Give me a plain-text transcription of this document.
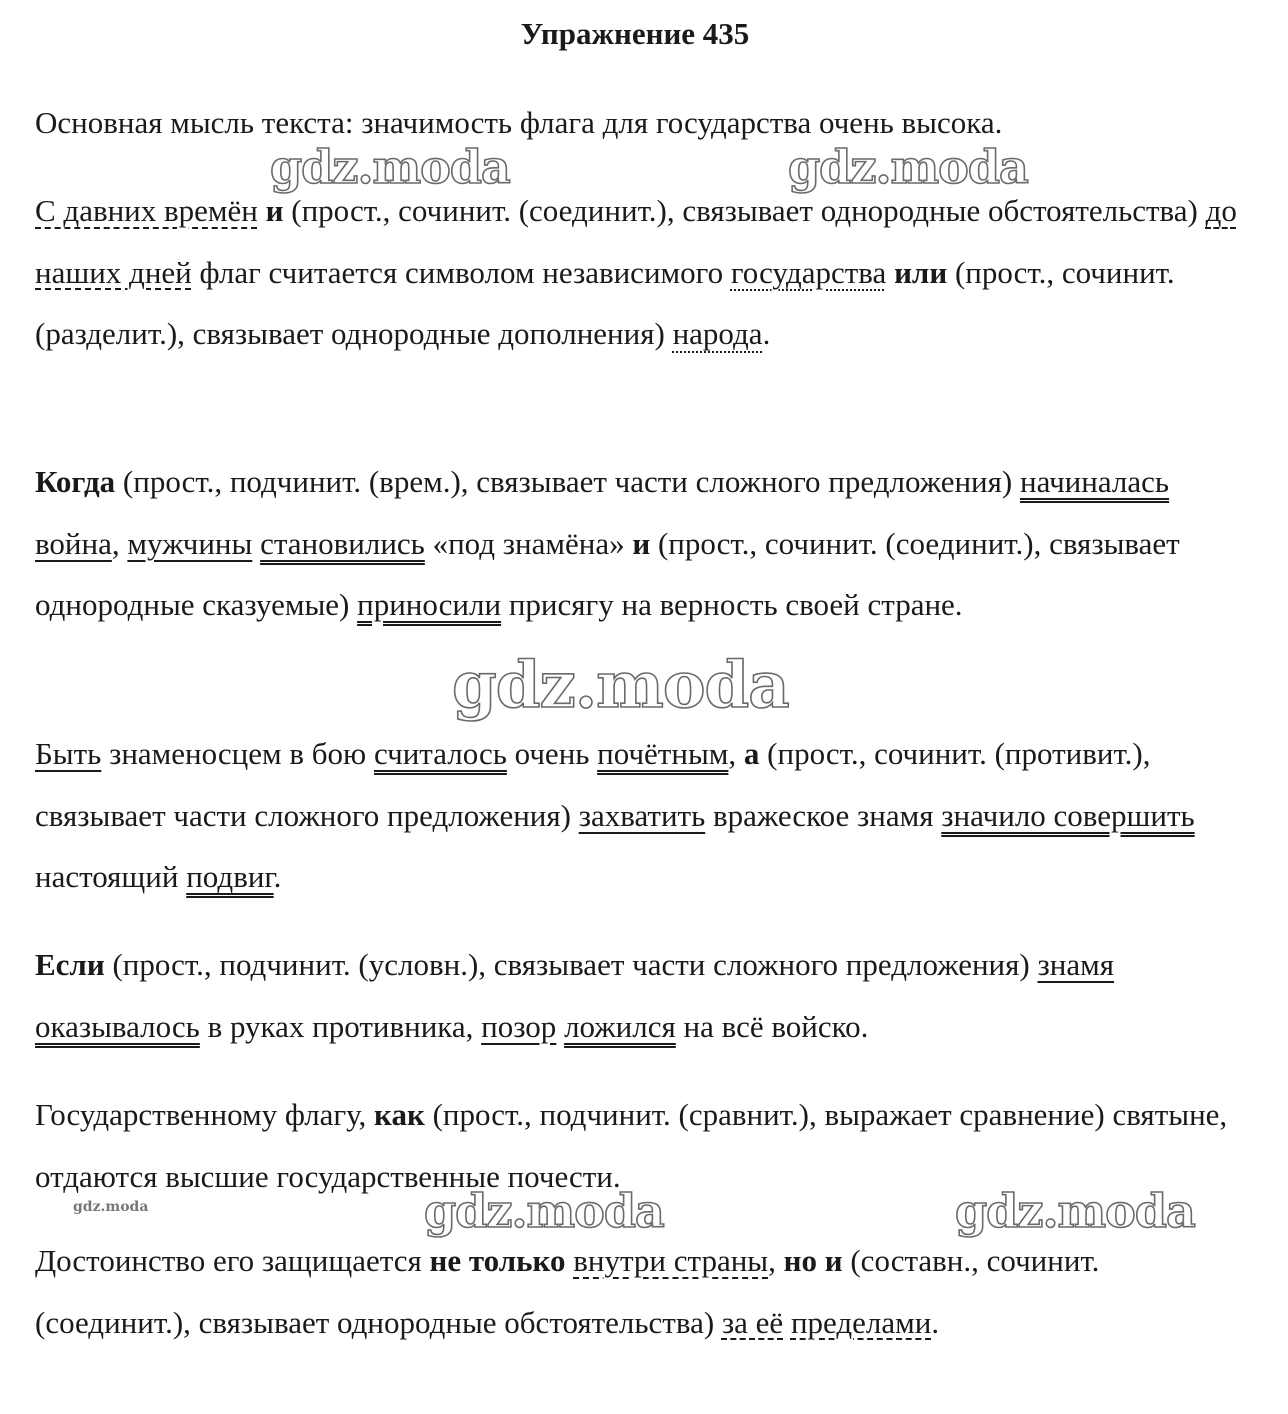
Упражнение 435
Основная мысль текста: значимость флага для государства очень высока.
С давних времён и (прост., сочинит. (соединит.), связывает однородные обстоятельства) до наших дней флаг считается символом независимого государства или (прост., сочинит. (разделит.), связывает однородные дополнения) народа.
Когда (прост., подчинит. (врем.), связывает части сложного предложения) начиналась война, мужчины становились «под знамёна» и (прост., сочинит. (соединит.), связывает однородные сказуемые) приносили присягу на верность своей стране.
Быть знаменосцем в бою считалось очень почётным, а (прост., сочинит. (противит.), связывает части сложного предложения) захватить вражеское знамя значило совершить настоящий подвиг.
Если (прост., подчинит. (условн.), связывает части сложного предложения) знамя оказывалось в руках противника, позор ложился на всё войско.
Государственному флагу, как (прост., подчинит. (сравнит.), выражает сравнение) святыне, отдаются высшие государственные почести.
Достоинство его защищается не только внутри страны, но и (составн., сочинит. (соединит.), связывает однородные обстоятельства) за её пределами.
gdz.moda	gdz.moda
gdz.moda
gdz.moda	gdz.moda
gdz.moda
